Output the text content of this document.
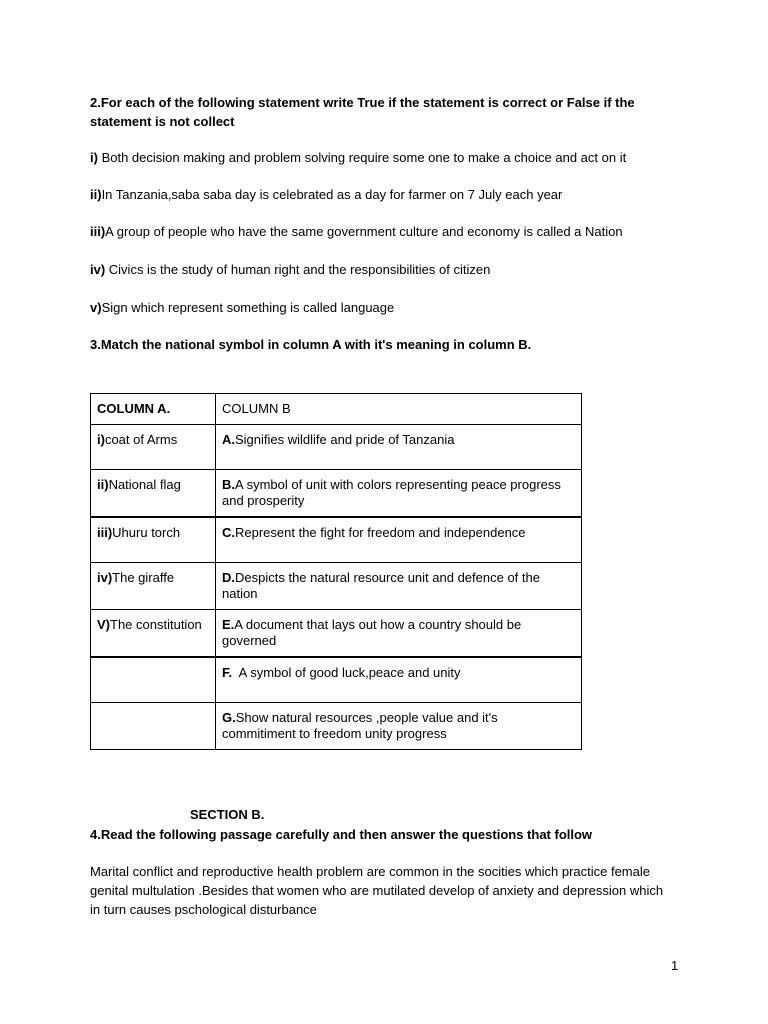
2.For each of the following statement write True if the statement is correct or False if the statement is not collect

i) Both decision making and problem solving require some one to make a choice and act on it

ii)In Tanzania,saba saba day is celebrated as a day for farmer on 7 July each year

iii)A group of people who have the same government culture and economy is called a Nation

iv) Civics is the study of human right and the responsibilities of citizen

v)Sign which represent something is called language

3.Match the national symbol in column A with it's meaning in column B.

COLUMN A.	COLUMN B
i)coat of Arms	A.Signifies wildlife and pride of Tanzania
ii)National flag	B.A symbol of unit with colors representing peace progress and prosperity
iii)Uhuru torch	C.Represent the fight for freedom and independence
iv)The giraffe	D.Despicts the natural resource unit and defence of the nation
V)The constitution	E.A document that lays out how a country should be governed
	F.  A symbol of good luck,peace and unity
	G.Show natural resources ,people value and it's commitiment to freedom unity progress
SECTION B.

4.Read the following passage carefully and then answer the questions that follow

Marital conflict and reproductive health problem are common in the socities which practice female genital multulation .Besides that women who are mutilated develop of anxiety and depression which in turn causes pschological disturbance

1
